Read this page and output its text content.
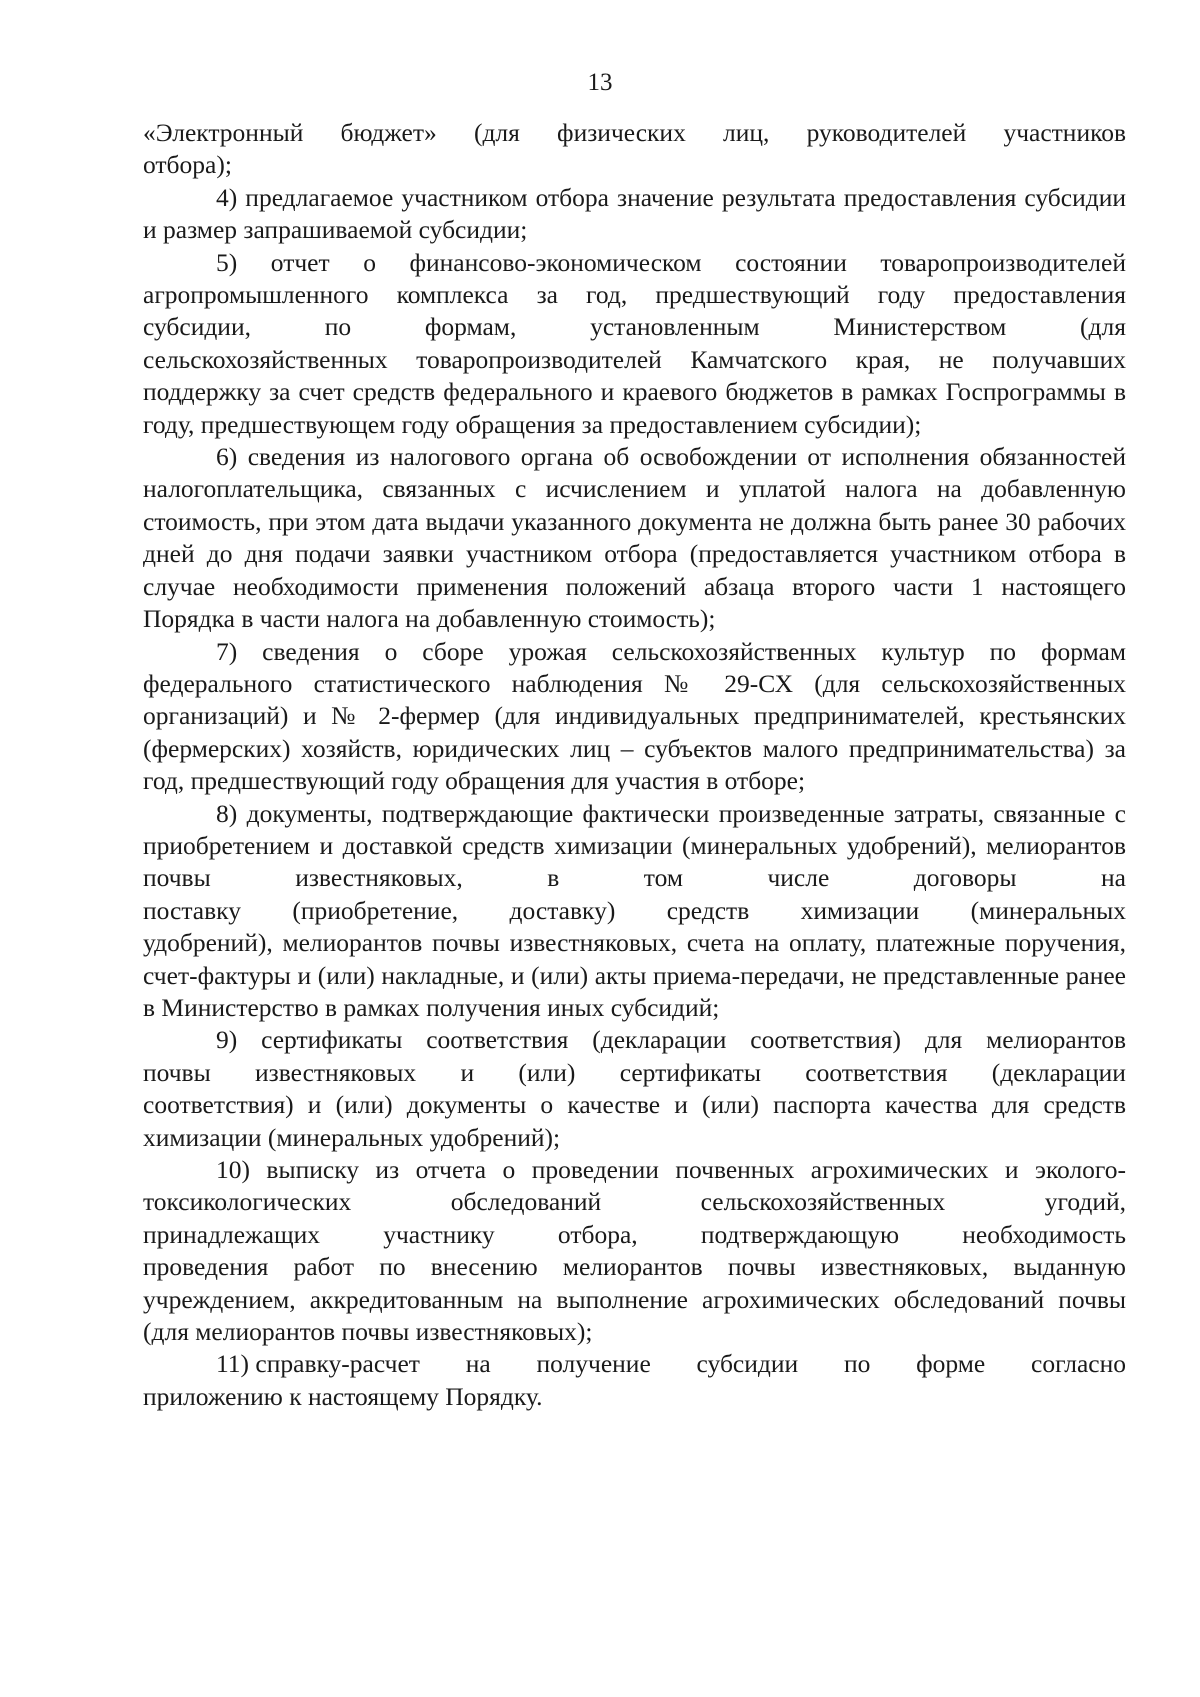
13
«Электронный бюджет» (для физических лиц, руководителей участников
отбора);

4) предлагаемое участником отбора значение результата предоставления субсидии и размер запрашиваемой субсидии;

5) отчет о финансово-экономическом состоянии товаропроизводителей агропромышленного комплекса за год, предшествующий году предоставления

субсидии,	по	формам,	установленным	Министерством	(для

сельскохозяйственных товаропроизводителей Камчатского края, не получавших поддержку за счет средств федерального и краевого бюджетов в рамках Госпрограммы в году, предшествующем году обращения за предоставлением субсидии);

6) сведения из налогового органа об освобождении от исполнения обязанностей налогоплательщика, связанных с исчислением и уплатой налога на добавленную стоимость, при этом дата выдачи указанного документа не должна быть ранее 30 рабочих дней до дня подачи заявки участником отбора (предоставляется участником отбора в случае необходимости применения положений абзаца второго части 1 настоящего Порядка в части налога на добавленную стоимость);

7) сведения о сборе урожая сельскохозяйственных культур по формам федерального статистического наблюдения № 29-СХ (для сельскохозяйственных организаций) и № 2-фермер (для индивидуальных предпринимателей, крестьянских (фермерских) хозяйств, юридических лиц – субъектов малого предпринимательства) за год, предшествующий году обращения для участия в отборе;

8) документы, подтверждающие фактически произведенные затраты, связанные с приобретением и доставкой средств химизации (минеральных удобрений), мелиорантов почвы известняковых, в том числе договоры на

поставку (приобретение, доставку) средств химизации (минеральных

удобрений), мелиорантов почвы известняковых, счета на оплату, платежные поручения, счет-фактуры и (или) накладные, и (или) акты приема-передачи, не представленные ранее в Министерство в рамках получения иных субсидий;

9) сертификаты соответствия (декларации соответствия) для мелиорантов

почвы известняковых и (или) сертификаты соответствия (декларации

соответствия) и (или) документы о качестве и (или) паспорта качества для средств химизации (минеральных удобрений);

10) выписку из отчета о проведении почвенных агрохимических и эколого-

токсикологических	обследований	сельскохозяйственных	угодий,
принадлежащих участнику отбора, подтверждающую необходимость

проведения работ по внесению мелиорантов почвы известняковых, выданную учреждением, аккредитованным на выполнение агрохимических обследований почвы (для мелиорантов почвы известняковых);

11) справку-расчет на получение субсидии по форме согласно

приложению к настоящему Порядку.
